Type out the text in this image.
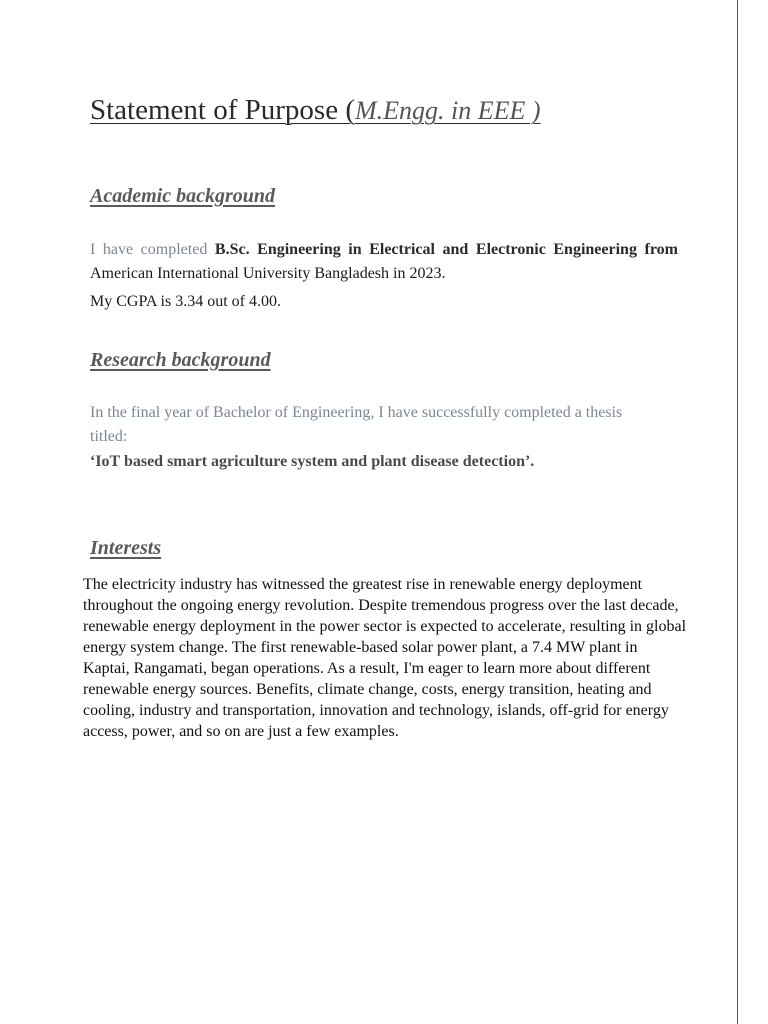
Statement of Purpose (M.Engg. in EEE )
Academic background
I have completed B.Sc. Engineering in Electrical and Electronic Engineering from American International University Bangladesh in 2023.
My CGPA is 3.34 out of 4.00.
Research background
In the final year of Bachelor of Engineering, I have successfully completed a thesis titled:
‘IoT based smart agriculture system and plant disease detection’.
Interests
The electricity industry has witnessed the greatest rise in renewable energy deployment throughout the ongoing energy revolution. Despite tremendous progress over the last decade, renewable energy deployment in the power sector is expected to accelerate, resulting in global energy system change. The first renewable-based solar power plant, a 7.4 MW plant in Kaptai, Rangamati, began operations. As a result, I'm eager to learn more about different renewable energy sources. Benefits, climate change, costs, energy transition, heating and cooling, industry and transportation, innovation and technology, islands, off-grid for energy access, power, and so on are just a few examples.
